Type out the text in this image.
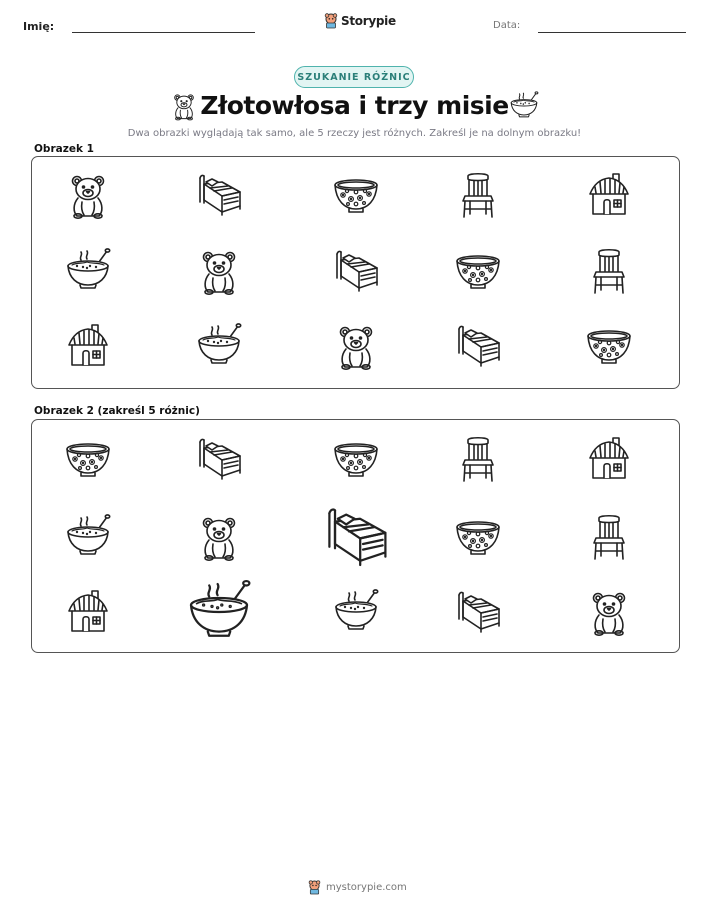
Imię:	Storypie	Data:
SZUKANIE RÓŻNIC
Złotowłosa i trzy misie
Dwa obrazki wyglądają tak samo, ale 5 rzeczy jest różnych. Zakreśl je na dolnym obrazku!
Obrazek 1
Obrazek 2 (zakreśl 5 różnic)
mystorypie.com
